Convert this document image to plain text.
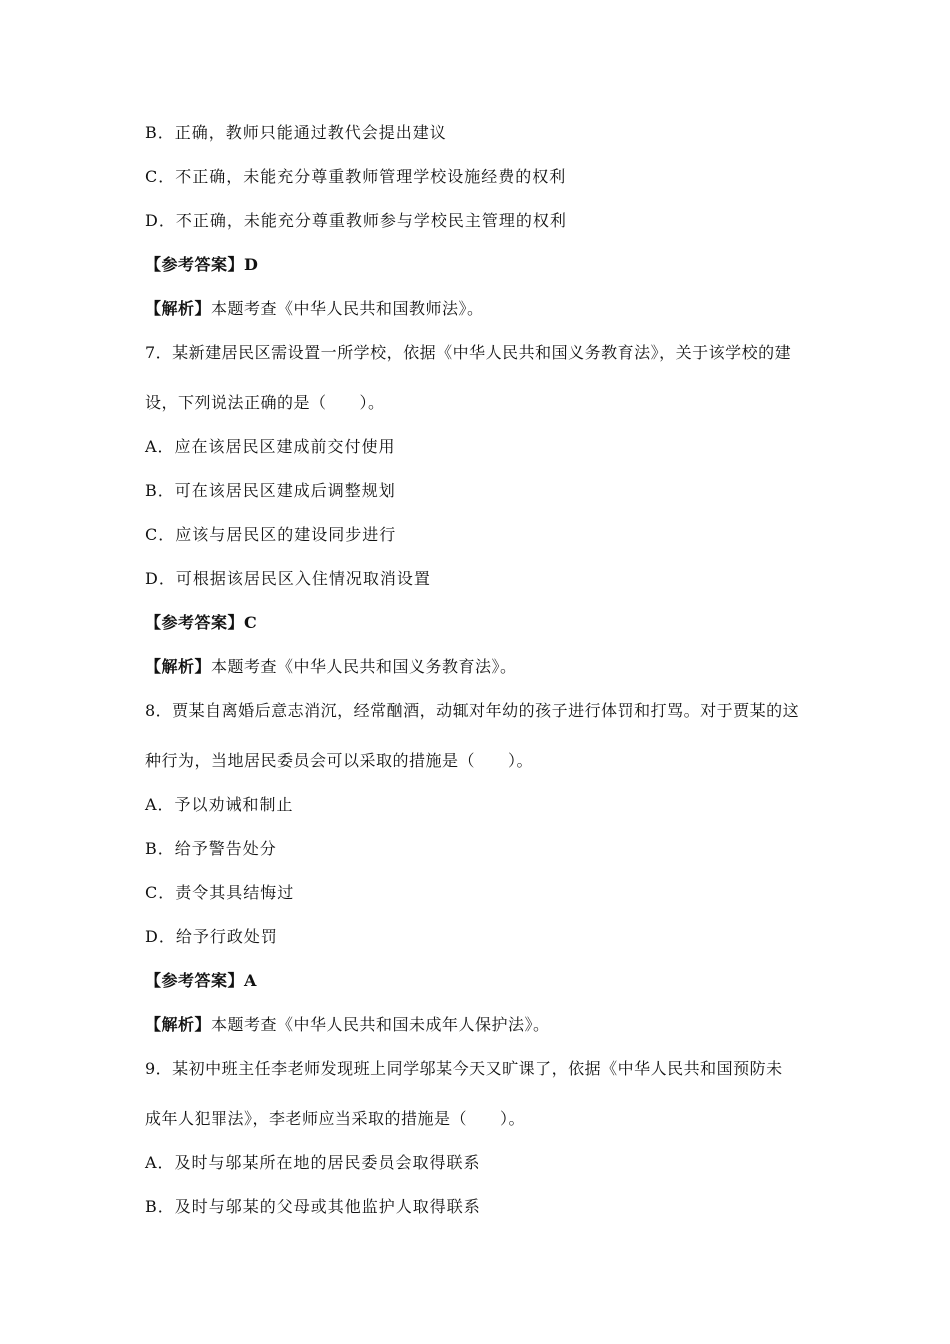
B．正确，教师只能通过教代会提出建议
C．不正确，未能充分尊重教师管理学校设施经费的权利
D．不正确，未能充分尊重教师参与学校民主管理的权利
【参考答案】D
【解析】本题考查《中华人民共和国教师法》。
7．某新建居民区需设置一所学校，依据《中华人民共和国义务教育法》，关于该学校的建
设，下列说法正确的是（　　）。
A．应在该居民区建成前交付使用
B．可在该居民区建成后调整规划
C．应该与居民区的建设同步进行
D．可根据该居民区入住情况取消设置
【参考答案】C
【解析】本题考查《中华人民共和国义务教育法》。
8．贾某自离婚后意志消沉，经常酗酒，动辄对年幼的孩子进行体罚和打骂。对于贾某的这
种行为，当地居民委员会可以采取的措施是（　　）。
A．予以劝诫和制止
B．给予警告处分
C．责令其具结悔过
D．给予行政处罚
【参考答案】A
【解析】本题考查《中华人民共和国未成年人保护法》。
9．某初中班主任李老师发现班上同学邬某今天又旷课了，依据《中华人民共和国预防未
成年人犯罪法》，李老师应当采取的措施是（　　）。
A．及时与邬某所在地的居民委员会取得联系
B．及时与邬某的父母或其他监护人取得联系
